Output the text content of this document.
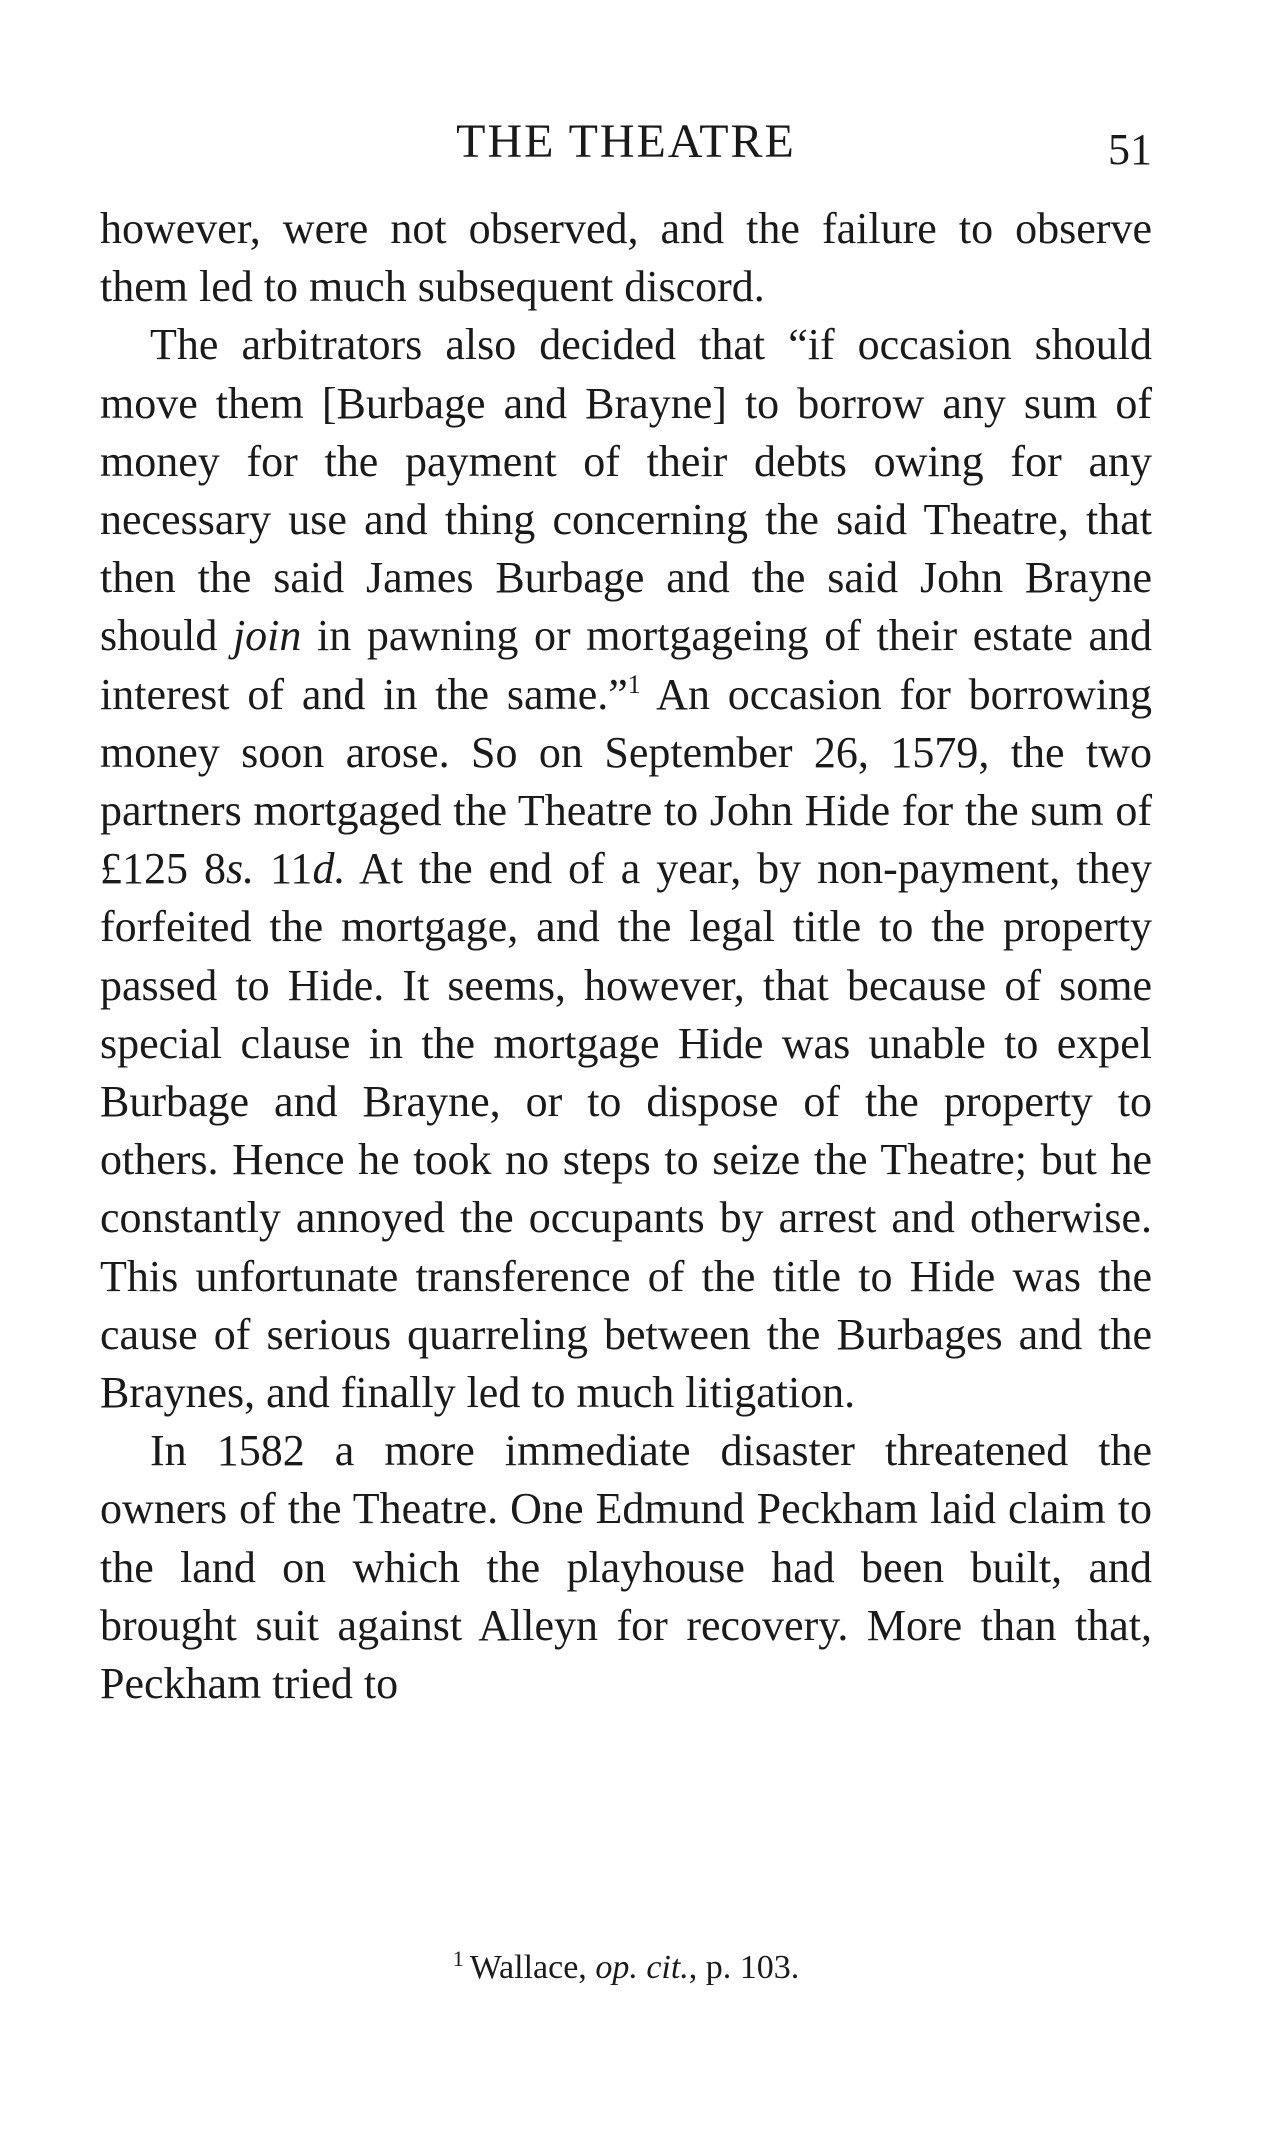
THE THEATRE	51

however, were not observed, and the failure to observe them led to much subsequent discord.

The arbitrators also decided that “if occasion should move them [Burbage and Brayne] to borrow any sum of money for the payment of their debts owing for any necessary use and thing concerning the said Theatre, that then the said James Burbage and the said John Brayne should join in pawning or mortgageing of their estate and interest of and in the same.”$^1$ An occasion for borrowing money soon arose. So on September 26, 1579, the two partners mortgaged the Theatre to John Hide for the sum of £125 8s. 11d. At the end of a year, by non-payment, they forfeited the mortgage, and the legal title to the property passed to Hide. It seems, however, that because of some special clause in the mortgage Hide was unable to expel Burbage and Brayne, or to dispose of the property to others. Hence he took no steps to seize the Theatre; but he constantly annoyed the occupants by arrest and otherwise. This unfortunate transference of the title to Hide was the cause of serious quarreling between the Burbages and the Braynes, and finally led to much litigation.

In 1582 a more immediate disaster threatened the owners of the Theatre. One Edmund Peckham laid claim to the land on which the playhouse had been built, and brought suit against Alleyn for recovery. More than that, Peckham tried to

$^1$ Wallace, op. cit., p. 103.
